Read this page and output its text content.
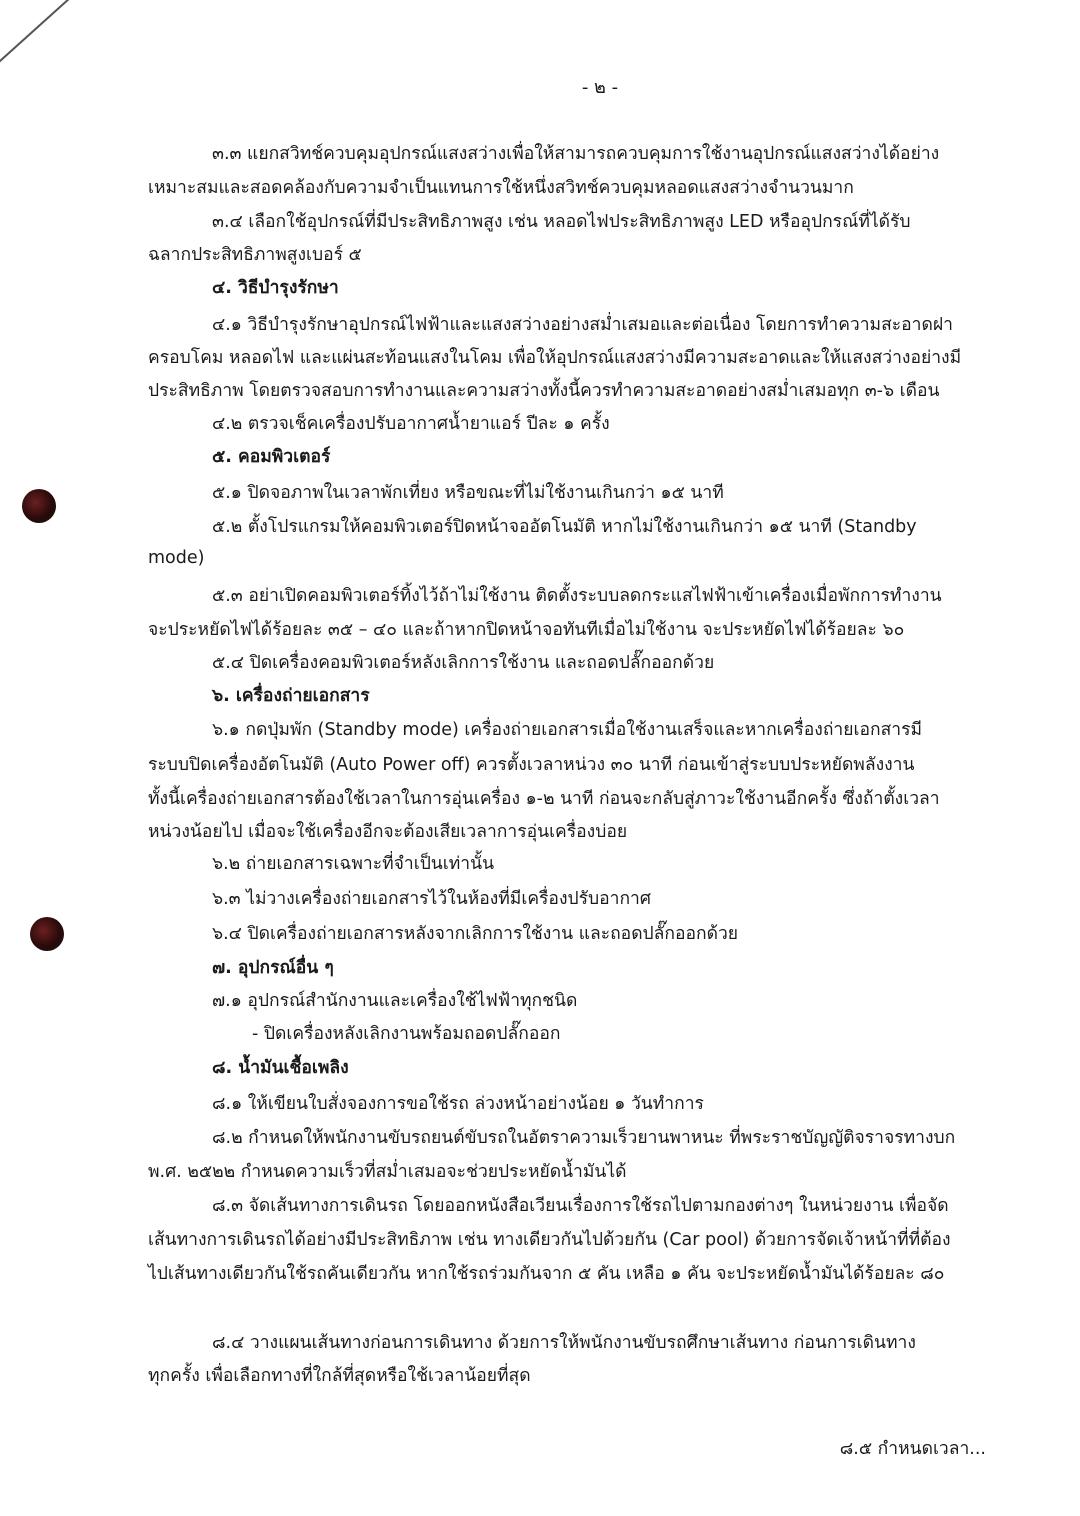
- ๒ -
๓.๓ แยกสวิทช์ควบคุมอุปกรณ์แสงสว่างเพื่อให้สามารถควบคุมการใช้งานอุปกรณ์แสงสว่างได้อย่าง
เหมาะสมและสอดคล้องกับความจำเป็นแทนการใช้หนึ่งสวิทช์ควบคุมหลอดแสงสว่างจำนวนมาก
๓.๔ เลือกใช้อุปกรณ์ที่มีประสิทธิภาพสูง เช่น หลอดไฟประสิทธิภาพสูง LED หรืออุปกรณ์ที่ได้รับ
ฉลากประสิทธิภาพสูงเบอร์ ๕
๔. วิธีบำรุงรักษา
๔.๑ วิธีบำรุงรักษาอุปกรณ์ไฟฟ้าและแสงสว่างอย่างสม่ำเสมอและต่อเนื่อง โดยการทำความสะอาดฝา
ครอบโคม หลอดไฟ และแผ่นสะท้อนแสงในโคม เพื่อให้อุปกรณ์แสงสว่างมีความสะอาดและให้แสงสว่างอย่างมี
ประสิทธิภาพ โดยตรวจสอบการทำงานและความสว่างทั้งนี้ควรทำความสะอาดอย่างสม่ำเสมอทุก ๓-๖ เดือน
๔.๒ ตรวจเช็คเครื่องปรับอากาศน้ำยาแอร์ ปีละ ๑ ครั้ง
๕. คอมพิวเตอร์
๕.๑ ปิดจอภาพในเวลาพักเที่ยง หรือขณะที่ไม่ใช้งานเกินกว่า ๑๕ นาที
๕.๒ ตั้งโปรแกรมให้คอมพิวเตอร์ปิดหน้าจออัตโนมัติ หากไม่ใช้งานเกินกว่า ๑๕ นาที (Standby
mode)
๕.๓ อย่าเปิดคอมพิวเตอร์ทิ้งไว้ถ้าไม่ใช้งาน ติดตั้งระบบลดกระแสไฟฟ้าเข้าเครื่องเมื่อพักการทำงาน
จะประหยัดไฟได้ร้อยละ ๓๕ – ๔๐ และถ้าหากปิดหน้าจอทันทีเมื่อไม่ใช้งาน จะประหยัดไฟได้ร้อยละ ๖๐
๕.๔ ปิดเครื่องคอมพิวเตอร์หลังเลิกการใช้งาน และถอดปลั๊กออกด้วย
๖. เครื่องถ่ายเอกสาร
๖.๑ กดปุ่มพัก (Standby mode) เครื่องถ่ายเอกสารเมื่อใช้งานเสร็จและหากเครื่องถ่ายเอกสารมี
ระบบปิดเครื่องอัตโนมัติ (Auto Power off) ควรตั้งเวลาหน่วง ๓๐ นาที ก่อนเข้าสู่ระบบประหยัดพลังงาน
ทั้งนี้เครื่องถ่ายเอกสารต้องใช้เวลาในการอุ่นเครื่อง ๑-๒ นาที ก่อนจะกลับสู่ภาวะใช้งานอีกครั้ง ซึ่งถ้าตั้งเวลา
หน่วงน้อยไป เมื่อจะใช้เครื่องอีกจะต้องเสียเวลาการอุ่นเครื่องบ่อย
๖.๒ ถ่ายเอกสารเฉพาะที่จำเป็นเท่านั้น
๖.๓ ไม่วางเครื่องถ่ายเอกสารไว้ในห้องที่มีเครื่องปรับอากาศ
๖.๔ ปิดเครื่องถ่ายเอกสารหลังจากเลิกการใช้งาน และถอดปลั๊กออกด้วย
๗. อุปกรณ์อื่น ๆ
๗.๑ อุปกรณ์สำนักงานและเครื่องใช้ไฟฟ้าทุกชนิด
- ปิดเครื่องหลังเลิกงานพร้อมถอดปลั๊กออก
๘. น้ำมันเชื้อเพลิง
๘.๑ ให้เขียนใบสั่งจองการขอใช้รถ ล่วงหน้าอย่างน้อย ๑ วันทำการ
๘.๒ กำหนดให้พนักงานขับรถยนต์ขับรถในอัตราความเร็วยานพาหนะ ที่พระราชบัญญัติจราจรทางบก
พ.ศ. ๒๕๒๒ กำหนดความเร็วที่สม่ำเสมอจะช่วยประหยัดน้ำมันได้
๘.๓ จัดเส้นทางการเดินรถ โดยออกหนังสือเวียนเรื่องการใช้รถไปตามกองต่างๆ ในหน่วยงาน เพื่อจัด
เส้นทางการเดินรถได้อย่างมีประสิทธิภาพ เช่น ทางเดียวกันไปด้วยกัน (Car pool) ด้วยการจัดเจ้าหน้าที่ที่ต้อง
ไปเส้นทางเดียวกันใช้รถคันเดียวกัน หากใช้รถร่วมกันจาก ๕ คัน เหลือ ๑ คัน จะประหยัดน้ำมันได้ร้อยละ ๘๐
๘.๔ วางแผนเส้นทางก่อนการเดินทาง ด้วยการให้พนักงานขับรถศึกษาเส้นทาง ก่อนการเดินทาง
ทุกครั้ง เพื่อเลือกทางที่ใกล้ที่สุดหรือใช้เวลาน้อยที่สุด
๘.๕ กำหนดเวลา...
